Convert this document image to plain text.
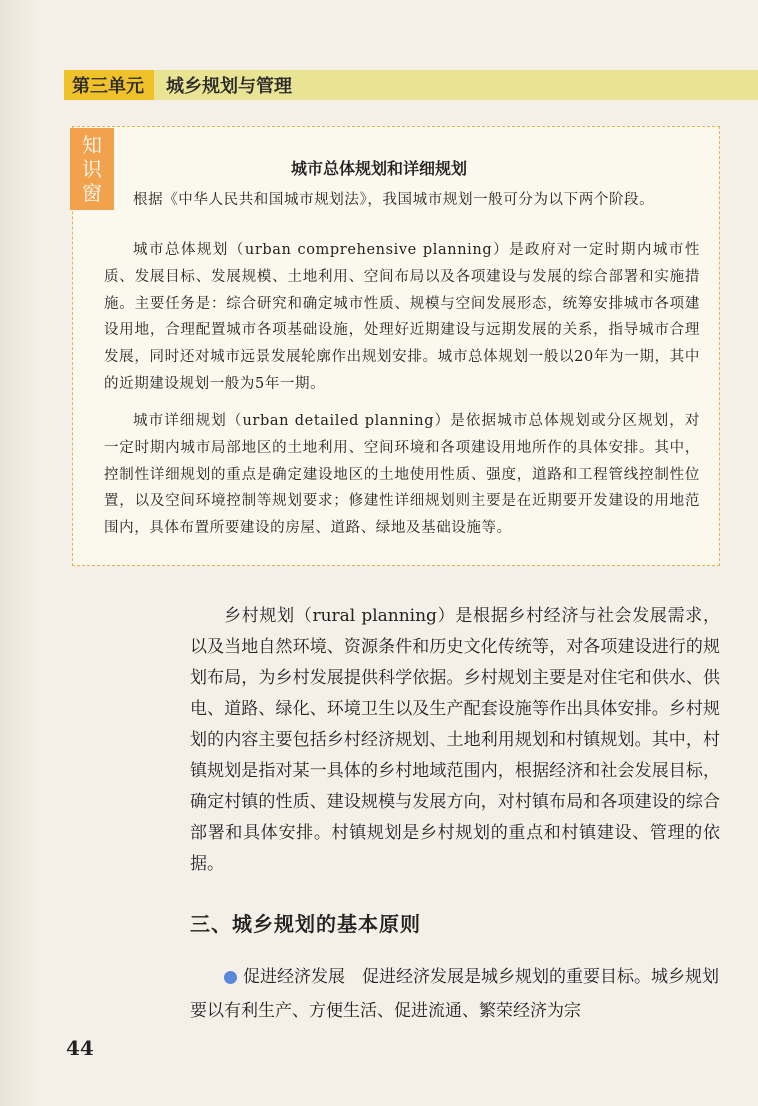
第三单元	城乡规划与管理
知
识
窗
城市总体规划和详细规划

根据《中华人民共和国城市规划法》，我国城市规划一般可分为以下两个阶段。

城市总体规划（urban comprehensive planning）是政府对一定时期内城市性质、发展目标、发展规模、土地利用、空间布局以及各项建设与发展的综合部署和实施措施。主要任务是：综合研究和确定城市性质、规模与空间发展形态，统筹安排城市各项建设用地，合理配置城市各项基础设施，处理好近期建设与远期发展的关系，指导城市合理发展，同时还对城市远景发展轮廓作出规划安排。城市总体规划一般以20年为一期，其中的近期建设规划一般为5年一期。

城市详细规划（urban detailed planning）是依据城市总体规划或分区规划，对一定时期内城市局部地区的土地利用、空间环境和各项建设用地所作的具体安排。其中，控制性详细规划的重点是确定建设地区的土地使用性质、强度，道路和工程管线控制性位置，以及空间环境控制等规划要求；修建性详细规划则主要是在近期要开发建设的用地范围内，具体布置所要建设的房屋、道路、绿地及基础设施等。

乡村规划（rural planning）是根据乡村经济与社会发展需求，以及当地自然环境、资源条件和历史文化传统等，对各项建设进行的规划布局，为乡村发展提供科学依据。乡村规划主要是对住宅和供水、供电、道路、绿化、环境卫生以及生产配套设施等作出具体安排。乡村规划的内容主要包括乡村经济规划、土地利用规划和村镇规划。其中，村镇规划是指对某一具体的乡村地域范围内，根据经济和社会发展目标，确定村镇的性质、建设规模与发展方向，对村镇布局和各项建设的综合部署和具体安排。村镇规划是乡村规划的重点和村镇建设、管理的依据。

三、城乡规划的基本原则

促进经济发展　 促进经济发展是城乡规划的重要目标。城乡规划要以有利生产、方便生活、促进流通、繁荣经济为宗

44
